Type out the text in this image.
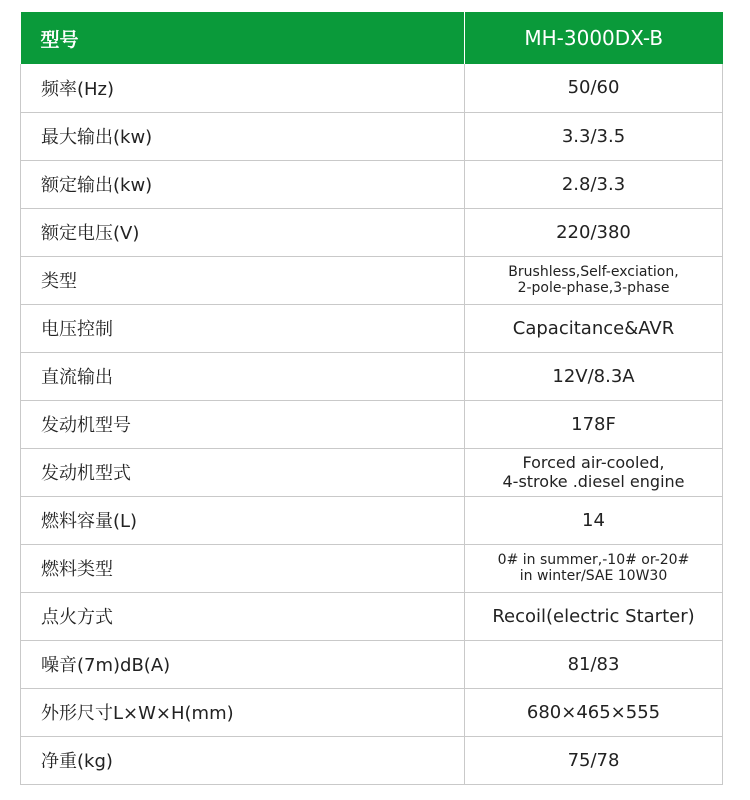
型号	MH-3000DX-B
频率(Hz)	50/60
最大输出(kw)	3.3/3.5
额定输出(kw)	2.8/3.3
额定电压(V)	220/380
类型	Brushless,Self-exciation,
2-pole-phase,3-phase

电压控制	Capacitance&AVR
直流输出	12V/8.3A
发动机型号	178F
发动机型式	Forced air-cooled,
4-stroke .diesel engine

燃料容量(L)	14
燃料类型	0# in summer,-10# or-20#
in winter/SAE 10W30

点火方式	Recoil(electric Starter)
噪音(7m)dB(A)	81/83
外形尺寸L×W×H(mm)	680×465×555
净重(kg)	75/78
